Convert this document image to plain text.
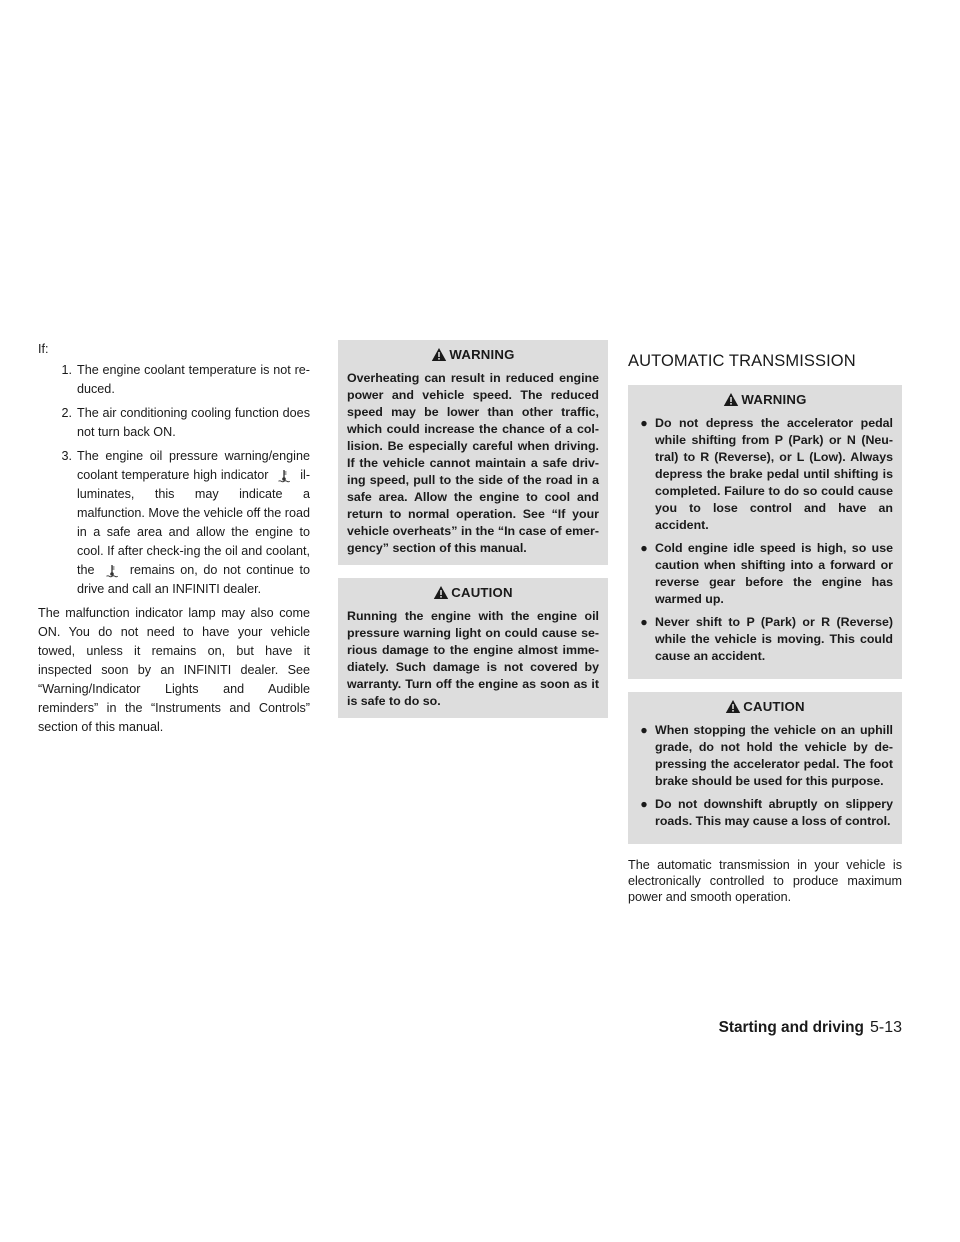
If:
1. The engine coolant temperature is not re-duced.
2. The air conditioning cooling function does not turn back ON.
3. The engine oil pressure warning/engine coolant temperature high indicator	il-luminates, this may indicate a malfunction. Move the vehicle off the road in a safe area and allow the engine to cool. If after check-ing the oil and coolant, the	remains on, do not continue to drive and call an INFINITI dealer.

The malfunction indicator lamp may also come ON. You do not need to have your vehicle towed, unless it remains on, but have it inspected soon by an INFINITI dealer. See “Warning/Indicator Lights and Audible reminders” in the “Instruments and Controls” section of this manual.

WARNING

Overheating can result in reduced engine power and vehicle speed. The reduced speed may be lower than other traffic, which could increase the chance of a col-lision. Be especially careful when driving. If the vehicle cannot maintain a safe driv-ing speed, pull to the side of the road in a safe area. Allow the engine to cool and return to normal operation. See “If your vehicle overheats” in the “In case of emer-gency” section of this manual.

CAUTION

Running the engine with the engine oil pressure warning light on could cause se-rious damage to the engine almost imme-diately. Such damage is not covered by warranty. Turn off the engine as soon as it is safe to do so.

AUTOMATIC TRANSMISSION
WARNING
● Do not depress the accelerator pedal while shifting from P (Park) or N (Neu-tral) to R (Reverse), or L (Low). Always depress the brake pedal until shifting is completed. Failure to do so could cause you to lose control and have an accident.
● Cold engine idle speed is high, so use caution when shifting into a forward or reverse gear before the engine has warmed up.
● Never shift to P (Park) or R (Reverse) while the vehicle is moving. This could cause an accident.
CAUTION
● When stopping the vehicle on an uphill grade, do not hold the vehicle by de-pressing the accelerator pedal. The foot brake should be used for this purpose.
● Do not downshift abruptly on slippery roads. This may cause a loss of control.

The automatic transmission in your vehicle is electronically controlled to produce maximum power and smooth operation.

Starting and driving 5-13
